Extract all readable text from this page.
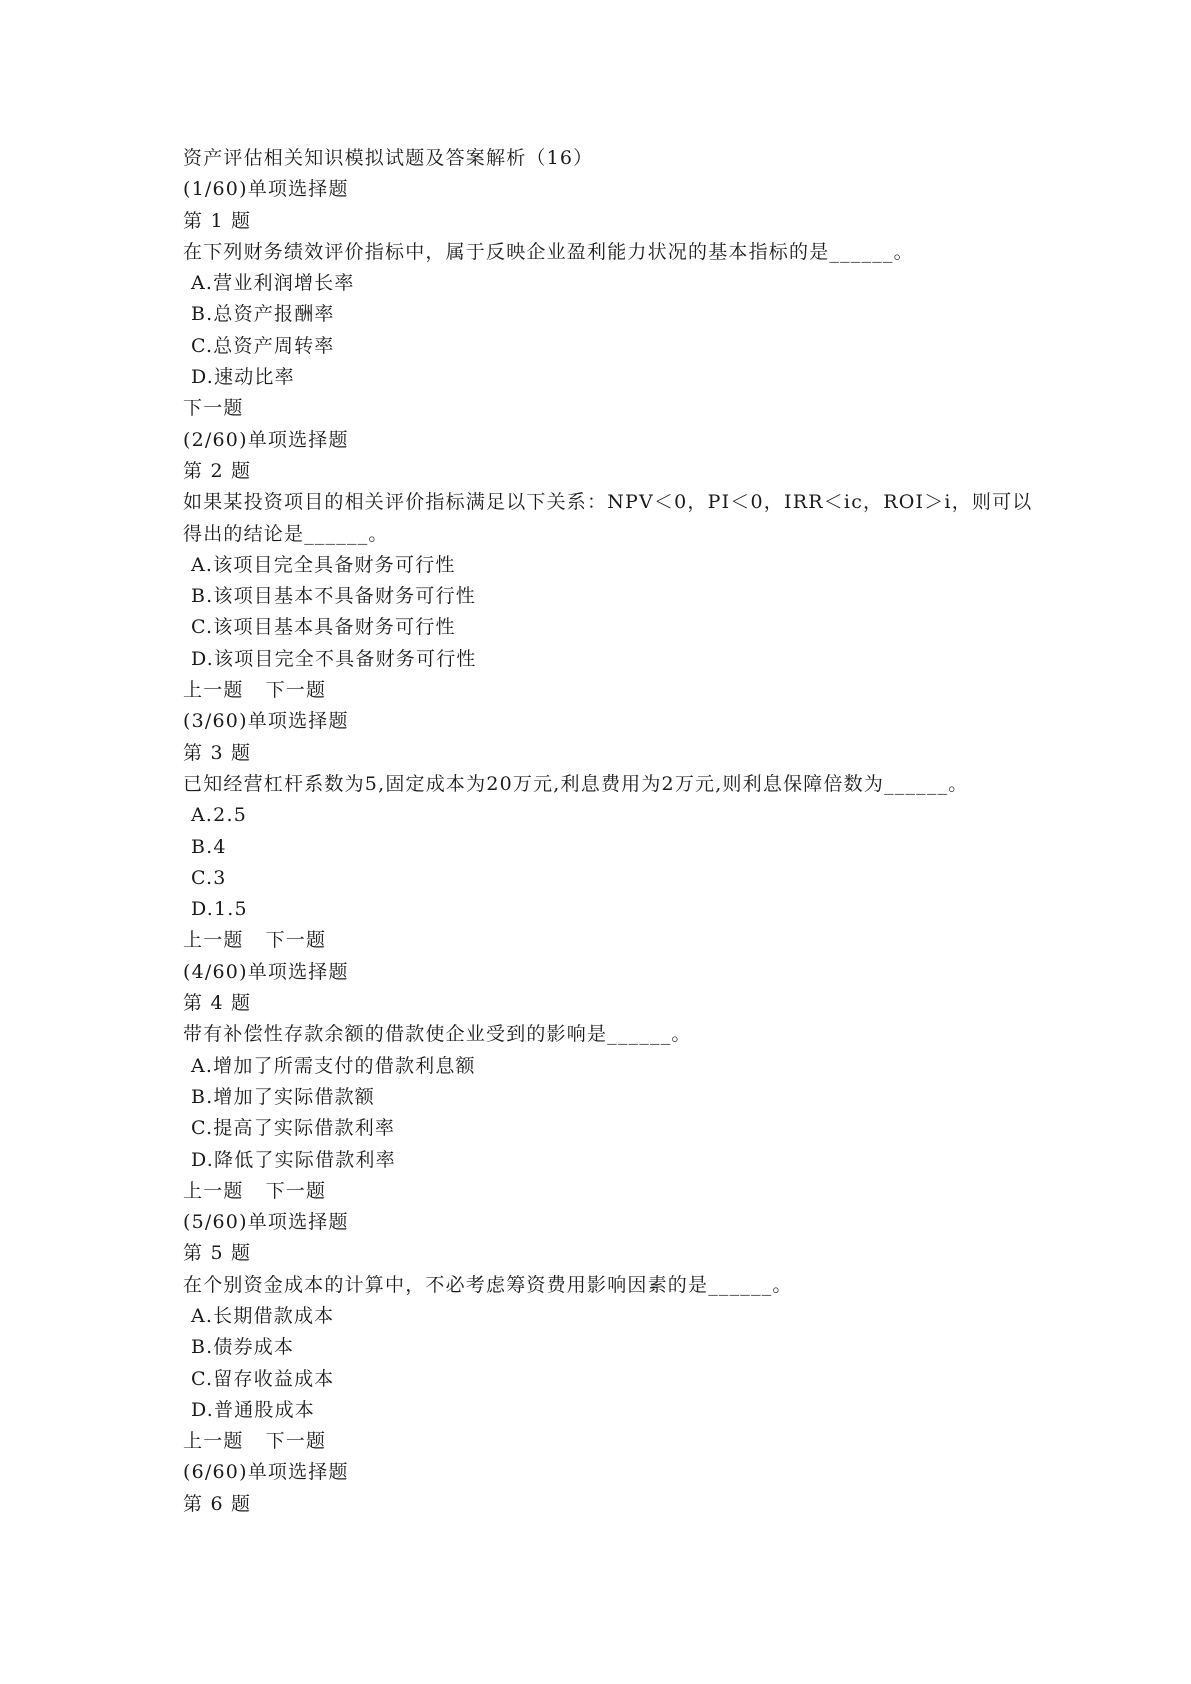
资产评估相关知识模拟试题及答案解析（16）
(1/60)单项选择题
第 1 题
在下列财务绩效评价指标中，属于反映企业盈利能力状况的基本指标的是______。
A.营业利润增长率
B.总资产报酬率
C.总资产周转率
D.速动比率
下一题
(2/60)单项选择题
第 2 题
如果某投资项目的相关评价指标满足以下关系：NPV＜0，PI＜0，IRR＜ic，ROI＞i，则可以得出的结论是______。
A.该项目完全具备财务可行性
B.该项目基本不具备财务可行性
C.该项目基本具备财务可行性
D.该项目完全不具备财务可行性
上一题 下一题
(3/60)单项选择题
第 3 题
已知经营杠杆系数为5,固定成本为20万元,利息费用为2万元,则利息保障倍数为______。
A.2.5
B.4
C.3
D.1.5
上一题 下一题
(4/60)单项选择题
第 4 题
带有补偿性存款余额的借款使企业受到的影响是______。
A.增加了所需支付的借款利息额
B.增加了实际借款额
C.提高了实际借款利率
D.降低了实际借款利率
上一题 下一题
(5/60)单项选择题
第 5 题
在个别资金成本的计算中，不必考虑筹资费用影响因素的是______。
A.长期借款成本
B.债券成本
C.留存收益成本
D.普通股成本
上一题 下一题
(6/60)单项选择题
第 6 题
